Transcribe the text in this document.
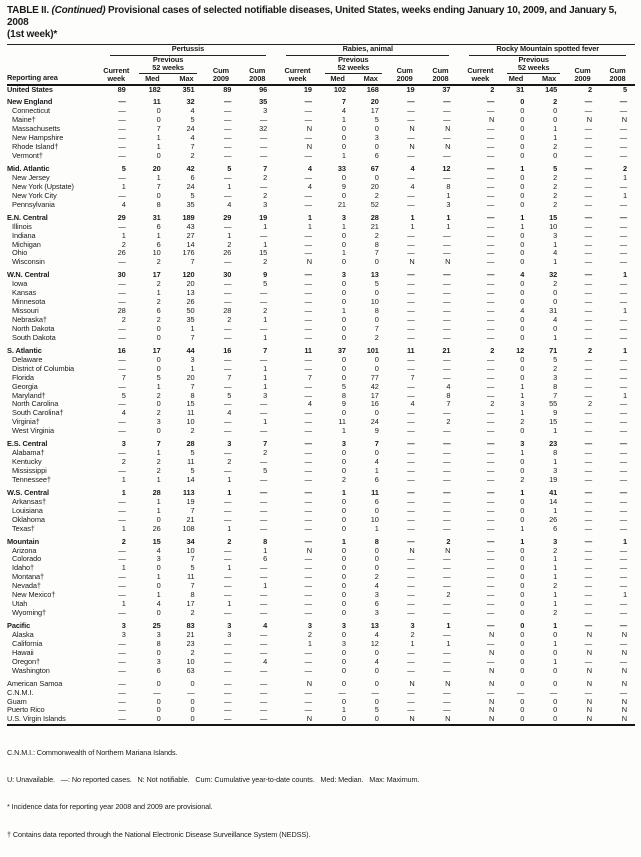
TABLE II. (Continued) Provisional cases of selected notifiable diseases, United States, weeks ending January 10, 2009, and January 5, 2008
(1st week)*

	Pertussis					Rabies, animal					Rocky Mountain spotted fever				

Reporting area	Current week	Previous 52 weeks		Cum 2009	Cum 2008	Current week	Previous 52 weeks		Cum 2009	Cum 2008	Current week	Previous 52 weeks		Cum 2009	Cum 2008

		Med	Max				Med	Max				Med	Max		
United States	89	182	351	89	96	19	102	168	19	37	2	31	145	2	5
New England	—	11	32	—	35	—	7	20	—	—	—	0	2	—	—
Connecticut	—	0	4	—	3	—	4	17	—	—	—	0	0	—	—
Maine†	—	0	5	—	—	—	1	5	—	—	N	0	0	N	N
Massachusetts	—	7	24	—	32	N	0	0	N	N	—	0	1	—	—
New Hampshire	—	1	4	—	—	—	0	3	—	—	—	0	1	—	—
Rhode Island†	—	1	7	—	—	N	0	0	N	N	—	0	2	—	—
Vermont†	—	0	2	—	—	—	1	6	—	—	—	0	0	—	—
Mid. Atlantic	5	20	42	5	7	4	33	67	4	12	—	1	5	—	2
New Jersey	—	1	6	—	2	—	0	0	—	—	—	0	2	—	1
New York (Upstate)	1	7	24	1	—	4	9	20	4	8	—	0	2	—	—
New York City	—	0	5	—	2	—	0	2	—	1	—	0	2	—	1
Pennsylvania	4	8	35	4	3	—	21	52	—	3	—	0	2	—	—
E.N. Central	29	31	189	29	19	1	3	28	1	1	—	1	15	—	—
Illinois	—	6	43	—	1	1	1	21	1	1	—	1	10	—	—
Indiana	1	1	27	1	—	—	0	2	—	—	—	0	3	—	—
Michigan	2	6	14	2	1	—	0	8	—	—	—	0	1	—	—
Ohio	26	10	176	26	15	—	1	7	—	—	—	0	4	—	—
Wisconsin	—	2	7	—	2	N	0	0	N	N	—	0	1	—	—
W.N. Central	30	17	120	30	9	—	3	13	—	—	—	4	32	—	1
Iowa	—	2	20	—	5	—	0	5	—	—	—	0	2	—	—
Kansas	—	1	13	—	—	—	0	0	—	—	—	0	0	—	—
Minnesota	—	2	26	—	—	—	0	10	—	—	—	0	0	—	—
Missouri	28	6	50	28	2	—	1	8	—	—	—	4	31	—	1
Nebraska†	2	2	35	2	1	—	0	0	—	—	—	0	4	—	—
North Dakota	—	0	1	—	—	—	0	7	—	—	—	0	0	—	—
South Dakota	—	0	7	—	1	—	0	2	—	—	—	0	1	—	—
S. Atlantic	16	17	44	16	7	11	37	101	11	21	2	12	71	2	1
Delaware	—	0	3	—	—	—	0	0	—	—	—	0	5	—	—
District of Columbia	—	0	1	—	1	—	0	0	—	—	—	0	2	—	—
Florida	7	5	20	7	1	7	0	77	7	—	—	0	3	—	—
Georgia	—	1	7	—	1	—	5	42	—	4	—	1	8	—	—
Maryland†	5	2	8	5	3	—	8	17	—	8	—	1	7	—	1
North Carolina	—	0	15	—	—	4	9	16	4	7	2	3	55	2	—
South Carolina†	4	2	11	4	—	—	0	0	—	—	—	1	9	—	—
Virginia†	—	3	10	—	1	—	11	24	—	2	—	2	15	—	—
West Virginia	—	0	2	—	—	—	1	9	—	—	—	0	1	—	—
E.S. Central	3	7	28	3	7	—	3	7	—	—	—	3	23	—	—
Alabama†	—	1	5	—	2	—	0	0	—	—	—	1	8	—	—
Kentucky	2	2	11	2	—	—	0	4	—	—	—	0	1	—	—
Mississippi	—	2	5	—	5	—	0	1	—	—	—	0	3	—	—
Tennessee†	1	1	14	1	—	—	2	6	—	—	—	2	19	—	—
W.S. Central	1	28	113	1	—	—	1	11	—	—	—	1	41	—	—
Arkansas†	—	1	19	—	—	—	0	6	—	—	—	0	14	—	—
Louisiana	—	1	7	—	—	—	0	0	—	—	—	0	1	—	—
Oklahoma	—	0	21	—	—	—	0	10	—	—	—	0	26	—	—
Texas†	1	26	108	1	—	—	0	1	—	—	—	1	6	—	—
Mountain	2	15	34	2	8	—	1	8	—	2	—	1	3	—	1
Arizona	—	4	10	—	1	N	0	0	N	N	—	0	2	—	—
Colorado	—	3	7	—	6	—	0	0	—	—	—	0	1	—	—
Idaho†	1	0	5	1	—	—	0	0	—	—	—	0	1	—	—
Montana†	—	1	11	—	—	—	0	2	—	—	—	0	1	—	—
Nevada†	—	0	7	—	1	—	0	4	—	—	—	0	2	—	—
New Mexico†	—	1	8	—	—	—	0	3	—	2	—	0	1	—	1
Utah	1	4	17	1	—	—	0	6	—	—	—	0	1	—	—
Wyoming†	—	0	2	—	—	—	0	3	—	—	—	0	2	—	—
Pacific	3	25	83	3	4	3	3	13	3	1	—	0	1	—	—
Alaska	3	3	21	3	—	2	0	4	2	—	N	0	0	N	N
California	—	8	23	—	—	1	3	12	1	1	—	0	1	—	—
Hawaii	—	0	2	—	—	—	0	0	—	—	N	0	0	N	N
Oregon†	—	3	10	—	4	—	0	4	—	—	—	0	1	—	—
Washington	—	6	63	—	—	—	0	0	—	—	N	0	0	N	N
American Samoa	—	0	0	—	—	N	0	0	N	N	N	0	0	N	N
C.N.M.I.	—	—	—	—	—	—	—	—	—	—	—	—	—	—	—
Guam	—	0	0	—	—	—	0	0	—	—	N	0	0	N	N
Puerto Rico	—	0	0	—	—	—	1	5	—	—	N	0	0	N	N
U.S. Virgin Islands	—	0	0	—	—	N	0	0	N	N	N	0	0	N	N

C.N.M.I.: Commonwealth of Northern Mariana Islands.

U: Unavailable.   —: No reported cases.   N: Not notifiable.   Cum: Cumulative year-to-date counts.   Med: Median.   Max: Maximum.

* Incidence data for reporting year 2008 and 2009 are provisional.

† Contains data reported through the National Electronic Disease Surveillance System (NEDSS).
